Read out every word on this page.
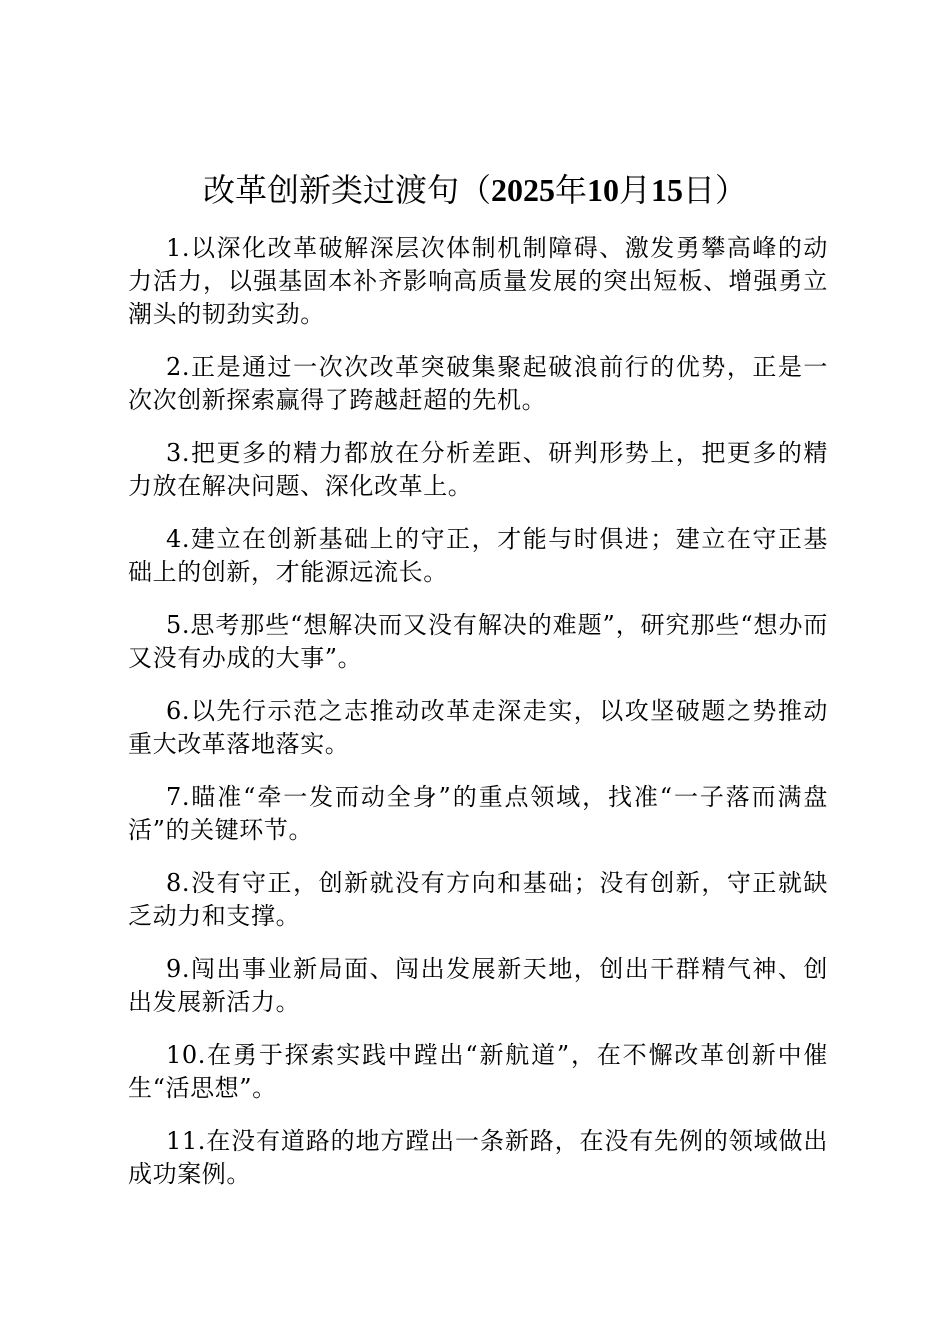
改革创新类过渡句（2025年10月15日）

1.以深化改革破解深层次体制机制障碍、激发勇攀高峰的动力活力，以强基固本补齐影响高质量发展的突出短板、增强勇立潮头的韧劲实劲。

2.正是通过一次次改革突破集聚起破浪前行的优势，正是一次次创新探索赢得了跨越赶超的先机。

3.把更多的精力都放在分析差距、研判形势上，把更多的精力放在解决问题、深化改革上。

4.建立在创新基础上的守正，才能与时俱进；建立在守正基础上的创新，才能源远流长。

5.思考那些“想解决而又没有解决的难题”，研究那些“想办而又没有办成的大事”。

6.以先行示范之志推动改革走深走实，以攻坚破题之势推动重大改革落地落实。

7.瞄准“牵一发而动全身”的重点领域，找准“一子落而满盘活”的关键环节。

8.没有守正，创新就没有方向和基础；没有创新，守正就缺乏动力和支撑。

9.闯出事业新局面、闯出发展新天地，创出干群精气神、创出发展新活力。

10.在勇于探索实践中蹚出“新航道”，在不懈改革创新中催生“活思想”。

11.在没有道路的地方蹚出一条新路，在没有先例的领域做出成功案例。
